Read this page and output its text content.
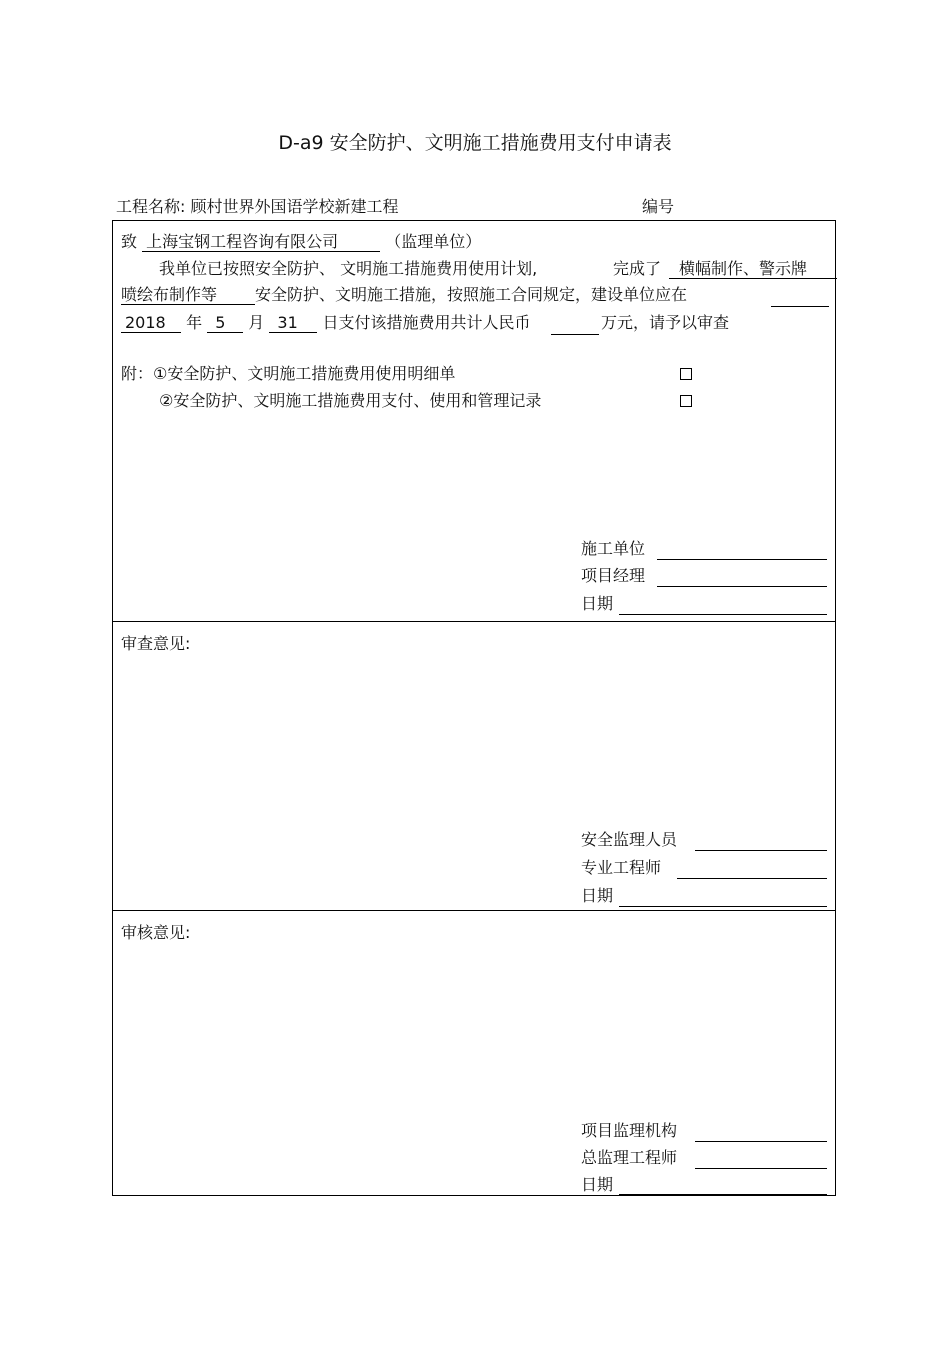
D-a9 安全防护、文明施工措施费用支付申请表
工程名称: 顾村世界外国语学校新建工程	编号
致 上海宝钢工程咨询有限公司	（监理单位）
我单位已按照安全防护、 文明施工措施费用使用计划,	完成了	横幅制作、警示牌
喷绘布制作等	安全防护、文明施工措施，按照施工合同规定，建设单位应在
2018 年 5 月 31 日支付该措施费用共计人民币	万元，请予以审查
附：①安全防护、文明施工措施费用使用明细单
②安全防护、文明施工措施费用支付、使用和管理记录
施工单位
项目经理
日期
审查意见:
安全监理人员
专业工程师
日期
审核意见:
项目监理机构
总监理工程师
日期
